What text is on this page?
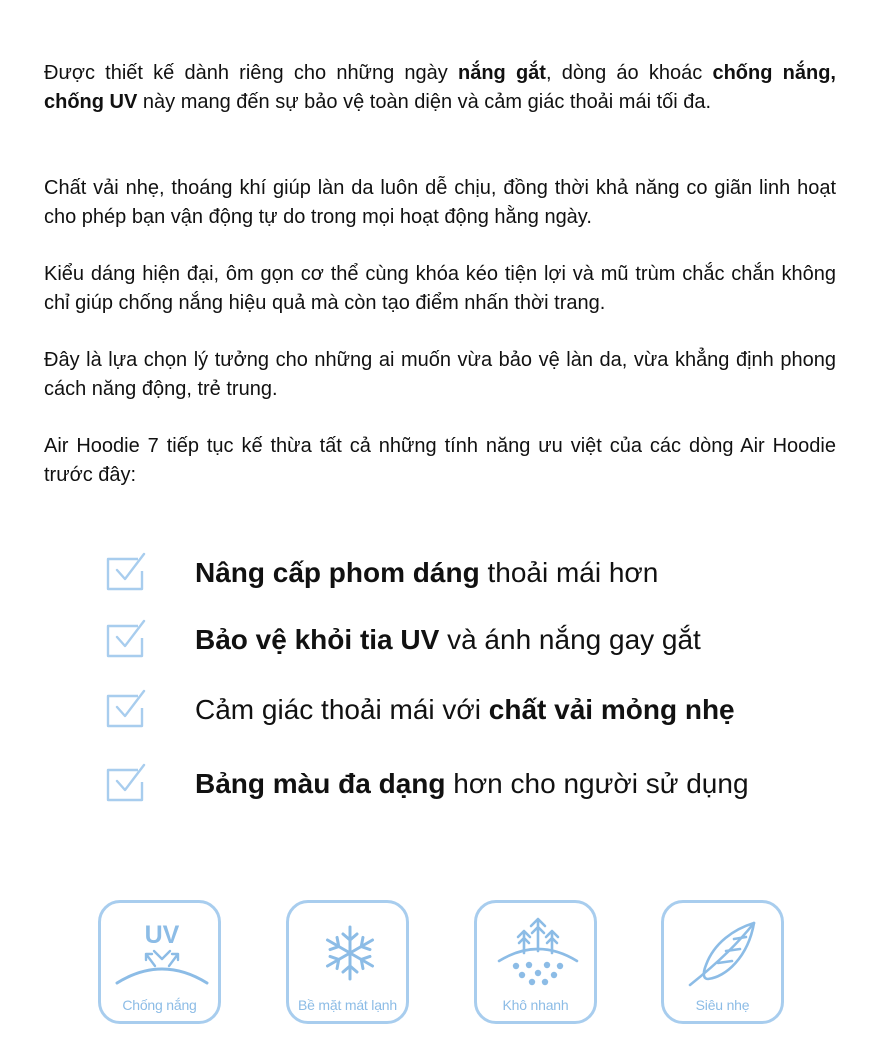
Được thiết kế dành riêng cho những ngày nắng gắt, dòng áo khoác chống nắng, chống UV này mang đến sự bảo vệ toàn diện và cảm giác thoải mái tối đa.

Chất vải nhẹ, thoáng khí giúp làn da luôn dễ chịu, đồng thời khả năng co giãn linh hoạt cho phép bạn vận động tự do trong mọi hoạt động hằng ngày.

Kiểu dáng hiện đại, ôm gọn cơ thể cùng khóa kéo tiện lợi và mũ trùm chắc chắn không chỉ giúp chống nắng hiệu quả mà còn tạo điểm nhấn thời trang.

Đây là lựa chọn lý tưởng cho những ai muốn vừa bảo vệ làn da, vừa khẳng định phong cách năng động, trẻ trung.

Air Hoodie 7 tiếp tục kế thừa tất cả những tính năng ưu việt của các dòng Air Hoodie trước đây:

Nâng cấp phom dáng thoải mái hơn
Bảo vệ khỏi tia UV và ánh nắng gay gắt
Cảm giác thoải mái với chất vải mỏng nhẹ
Bảng màu đa dạng hơn cho người sử dụng
UV
Chống nắng	Bề mặt mát lạnh	Khô nhanh	Siêu nhẹ
